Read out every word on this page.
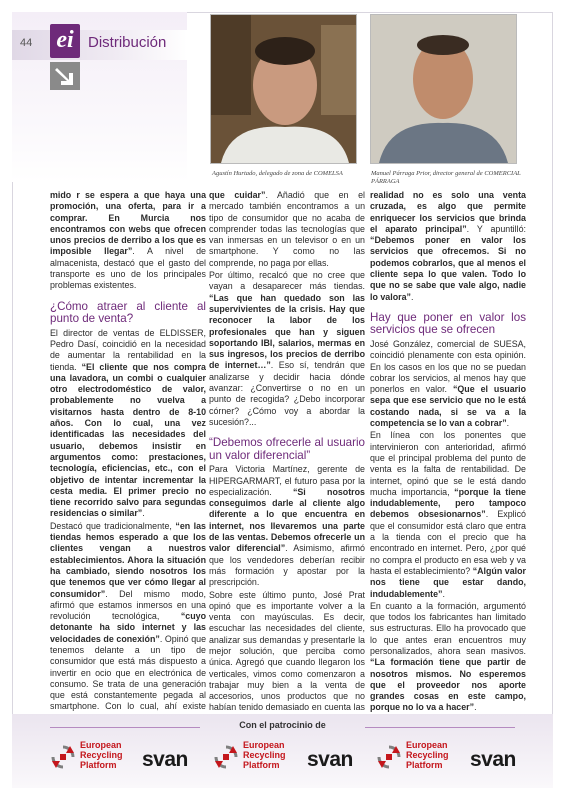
44 ei Distribución
Agustín Hurtado, delegado de zona de COMELSA	Manuel Párraga Prior, director general de COMERCIAL PÁRRAGA

mido r se espera a que haya una promoción, una oferta, para ir a comprar. En Murcia nos encontramos con webs que ofrecen unos precios de derribo a los que es imposible llegar”. A nivel de almacenista, destacó que el gasto del transporte es uno de los principales problemas existentes.

¿Cómo atraer al cliente al punto de venta?

El director de ventas de ELDISSER, Pedro Dasí, coincidió en la necesidad de aumentar la rentabilidad en la tienda. “El cliente que nos compra una lavadora, un combi o cualquier otro electrodoméstico de valor, probablemente no vuelva a visitarnos hasta dentro de 8-10 años. Con lo cual, una vez identificadas las necesidades del usuario, debemos insistir en argumentos como: prestaciones, tecnología, eficiencias, etc., con el objetivo de intentar incrementar la cesta media. El primer precio no tiene recorrido salvo para segundas residencias o similar”.

Destacó que tradicionalmente, “en las tiendas hemos esperado a que los clientes vengan a nuestros establecimientos. Ahora la situación ha cambiado, siendo nosotros los que tenemos que ver cómo llegar al consumidor”. Del mismo modo, afirmó que estamos inmersos en una revolución tecnológica, “cuyo detonante ha sido internet y las velocidades de conexión”. Opinó que tenemos delante a un tipo de consumidor que está más dispuesto a invertir en ocio que en electrónica de consumo. Se trata de una generación que está constantemente pegada al smartphone. Con lo cual, ahí existe

que cuidar”. Añadió que en el mercado también encontramos a un tipo de consumidor que no acaba de comprender todas las tecnologías que van inmersas en un televisor o en un smartphone. Y como no las comprende, no paga por ellas.

Por último, recalcó que no cree que vayan a desaparecer más tiendas. “Las que han quedado son las supervivientes de la crisis. Hay que reconocer la labor de los profesionales que han y siguen soportando IBI, salarios, mermas en sus ingresos, los precios de derribo de internet…”. Eso sí, tendrán que analizarse y decidir hacia dónde avanzar: ¿Convertirse o no en un punto de recogida? ¿Debo incorporar córner? ¿Cómo voy a abordar la sucesión?...

“Debemos ofrecerle al usuario un valor diferencial”

Para Victoria Martínez, gerente de HIPERGARMART, el futuro pasa por la especialización. “Si nosotros conseguimos darle al cliente algo diferente a lo que encuentra en internet, nos llevaremos una parte de las ventas. Debemos ofrecerle un valor diferencial”. Asimismo, afirmó que los vendedores deberían recibir más formación y apostar por la prescripción.

Sobre este último punto, José Prat opinó que es importante volver a la venta con mayúsculas. Es decir, escuchar las necesidades del cliente, analizar sus demandas y presentarle la mejor solución, que perciba como única. Agregó que cuando llegaron los verticales, vimos como comenzaron a trabajar muy bien a la venta de accesorios, unos productos que no habían tenido demasiado en cuenta las

realidad no es solo una venta cruzada, es algo que permite enriquecer los servicios que brinda el aparato principal”. Y apuntilló: “Debemos poner en valor los servicios que ofrecemos. Si no podemos cobrarlos, que al menos el cliente sepa lo que valen. Todo lo que no se sabe que vale algo, nadie lo valora”.

Hay que poner en valor los servicios que se ofrecen

José González, comercial de SUESA, coincidió plenamente con esta opinión. En los casos en los que no se puedan cobrar los servicios, al menos hay que ponerlos en valor. “Que el usuario sepa que ese servicio que no le está costando nada, si se va a la competencia se lo van a cobrar”.

En línea con los ponentes que intervinieron con anterioridad, afirmó que el principal problema del punto de venta es la falta de rentabilidad. De internet, opinó que se le está dando mucha importancia, “porque la tiene indudablemente, pero tampoco debemos obsesionarnos”. Explicó que el consumidor está claro que entra a la tienda con el precio que ha encontrado en internet. Pero, ¿por qué no compra el producto en esa web y va hasta el establecimiento? “Algún valor nos tiene que estar dando, indudablemente”.

En cuanto a la formación, argumentó que todos los fabricantes han limitado sus estructuras. Ello ha provocado que lo que antes eran encuentros muy personalizados, ahora sean masivos. “La formación tiene que partir de nosotros mismos. No esperemos que el proveedor nos aporte grandes cosas en este campo, porque no lo va a hacer”.

Con el patrocinio de
European
Recycling
Platform svan
European
Recycling
Platform svan
European
Recycling
Platform svan
